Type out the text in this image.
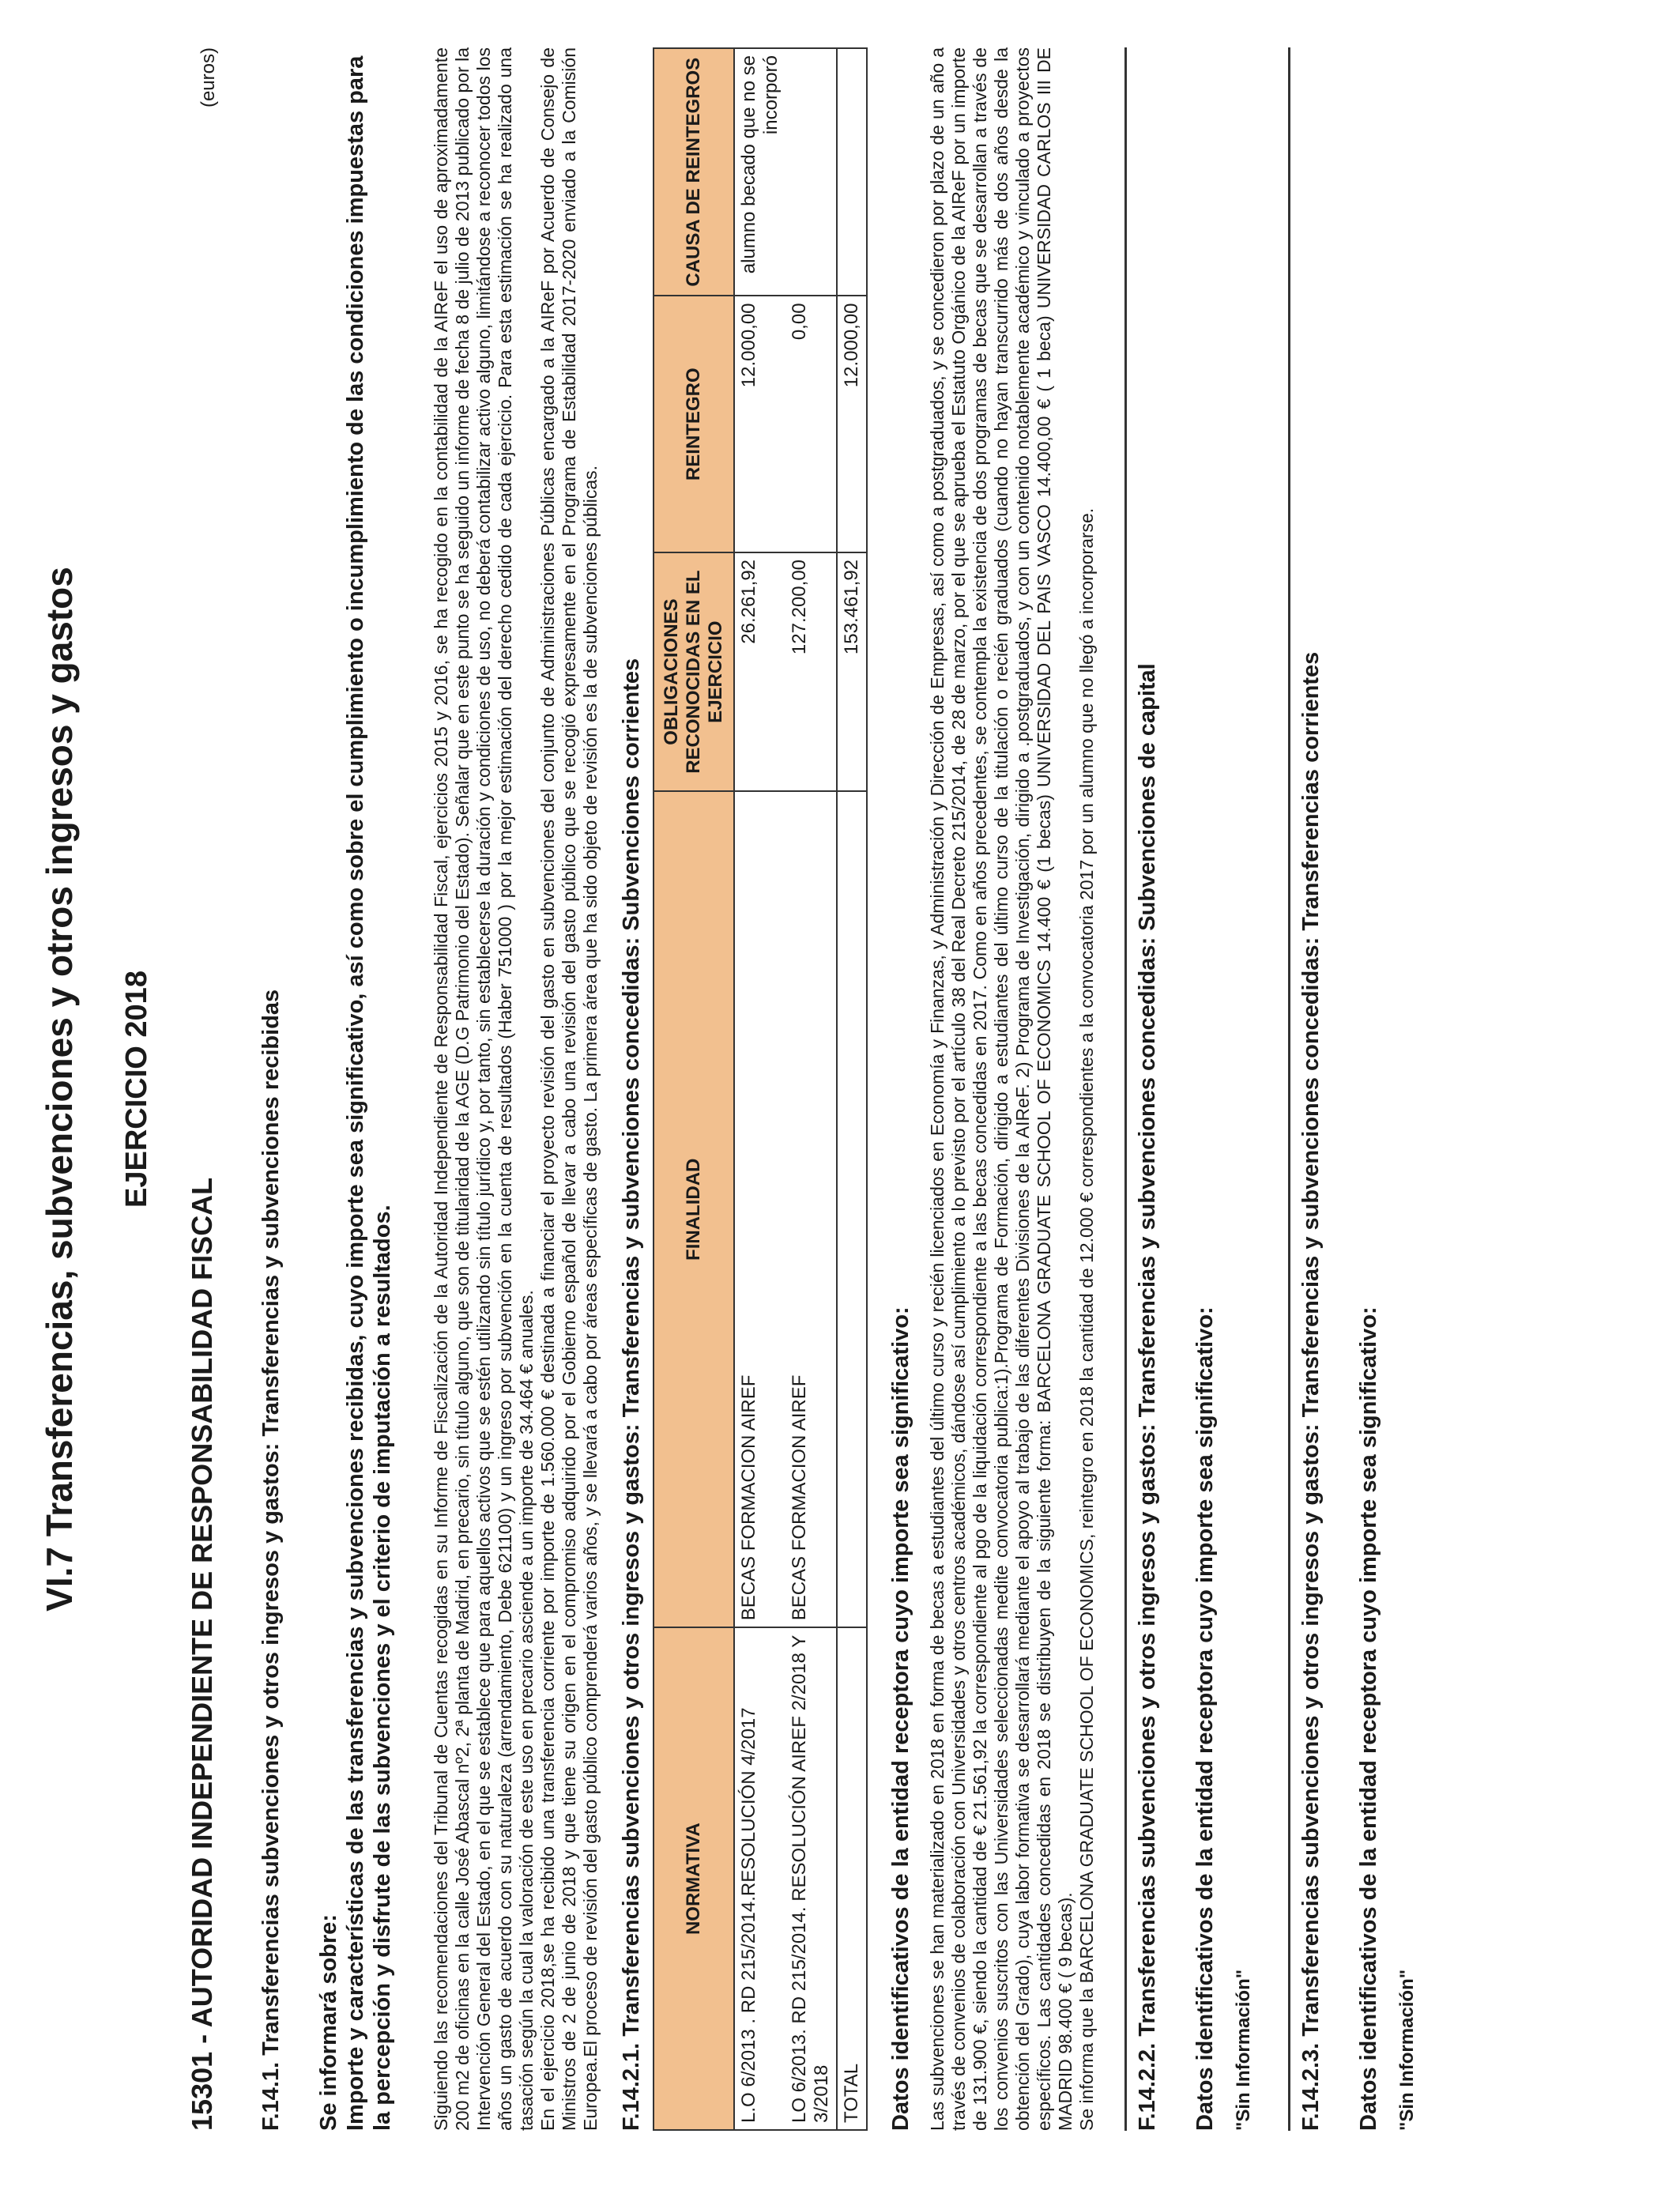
VI.7 Transferencias, subvenciones y otros ingresos y gastos
(euros)
EJERCICIO 2018
15301 - AUTORIDAD INDEPENDIENTE DE RESPONSABILIDAD FISCAL F.14.1. Transferencias subvenciones y otros ingresos y gastos: Transferencias y subvenciones recibidas Se informará sobre: Importe y características de las transferencias y subvenciones recibidas, cuyo importe sea significativo, así como sobre el cumplimiento o incumplimiento de las condiciones impuestas para la percepción y disfrute de las subvenciones y el criterio de imputación a resultados. Siguiendo las recomendaciones del Tribunal de Cuentas recogidas en su Informe de Fiscalización de la Autoridad Independiente de Responsabilidad Fiscal, ejercicios 2015 y 2016, se ha recogido en la contabilidad de la AIReF el uso de aproximadamente 200 m2 de oficinas en la calle José Abascal nº2, 2ª planta de Madrid, en precario, sin título alguno, que son de titularidad de la AGE (D.G Patrimonio del Estado). Señalar que en este punto se ha seguido un informe de fecha 8 de julio de 2013 publicado por la Intervención General del Estado, en el que se establece que para aquellos activos que se estén utilizando sin título jurídico y, por tanto, sin establecerse la duración y condiciones de uso, no deberá contabilizar activo alguno, limitándose a reconocer todos los años un gasto de acuerdo con su naturaleza (arrendamiento, Debe 621100) y un ingreso por subvención en la cuenta de resultados (Haber 751000 ) por la mejor estimación del derecho cedido de cada ejercicio. Para esta estimación se ha realizado una tasación según la cual la valoración de este uso en precario asciende a un importe de 34.464 € anuales. En el ejercicio 2018,se ha recibido una transferencia corriente por importe de 1.560.000 € destinada a financiar el proyecto revisión del gasto en subvenciones del conjunto de Administraciones Públicas encargado a la AIReF por Acuerdo de Consejo de Ministros de 2 de junio de 2018 y que tiene su origen en el compromiso adquirido por el Gobierno español de llevar a cabo una revisión del gasto público que se recogió expresamente en el Programa de Estabilidad 2017-2020 enviado a la Comisión Europea.El proceso de revisión del gasto público comprenderá varios años, y se llevará a cabo por áreas específicas de gasto. La primera área que ha sido objeto de revisión es la de subvenciones públicas. F.14.2.1. Transferencias subvenciones y otros ingresos y gastos: Transferencias y subvenciones concedidas: Subvenciones corrientes NORMATIVA	FINALIDAD	OBLIGACIONES RECONOCIDAS EN EL EJERCICIO	REINTEGRO	CAUSA DE REINTEGROS
L.O 6/2013 . RD 215/2014.RESOLUCIÓN 4/2017	BECAS FORMACION AIREF	26.261,92	12.000,00	alumno becado que no se incorporó
LO 6/2013. RD 215/2014. RESOLUCIÓN AIREF 2/2018 Y 3/2018	BECAS FORMACION AIREF	127.200,00	0,00	
TOTAL		153.461,92	12.000,00	

Datos identificativos de la entidad receptora cuyo importe sea significativo: Las subvenciones se han materializado en 2018 en forma de becas a estudiantes del último curso y recién licenciados en Economía y Finanzas, y Administración y Dirección de Empresas, así como a postgraduados, y se concedieron por plazo de un año a través de convenios de colaboración con Universidades y otros centros académicos, dándose así cumplimiento a lo previsto por el artículo 38 del Real Decreto 215/2014, de 28 de marzo, por el que se aprueba el Estatuto Orgánico de la AIReF por un importe de 131.900 €, siendo la cantidad de € 21.561,92 la correspondiente al pgo de la liquidación correspondiente a las becas concedidas en 2017. Como en años precedentes, se contempla la existencia de dos programas de becas que se desarrollan a través de los convenios suscritos con las Universidades seleccionadas medite convocatoria publica:1).Programa de Formación, dirigido a estudiantes del último curso de la titulación o recién graduados (cuando no hayan transcurrido más de dos años desde la obtención del Grado), cuya labor formativa se desarrollará mediante el apoyo al trabajo de las diferentes Divisiones de la AIReF. 2) Programa de Investigación, dirigido a .postgraduados, y con un contenido notablemente académico y vinculado a proyectos específicos. Las cantidades concedidas en 2018 se distribuyen de la siguiente forma: BARCELONA GRADUATE SCHOOL OF ECONOMICS 14.400 € (1 becas) UNIVERSIDAD DEL PAIS VASCO 14.400,00 € ( 1 beca) UNIVERSIDAD CARLOS III DE MADRID 98.400 € ( 9 becas). Se informa que la BARCELONA GRADUATE SCHOOL OF ECONOMICS, reintegro en 2018 la cantidad de 12.000 € correspondientes a la convocatoria 2017 por un alumno que no llegó a incorporarse. F.14.2.2. Transferencias subvenciones y otros ingresos y gastos: Transferencias y subvenciones concedidas: Subvenciones de capital Datos identificativos de la entidad receptora cuyo importe sea significativo: "Sin Información" F.14.2.3. Transferencias subvenciones y otros ingresos y gastos: Transferencias y subvenciones concedidas: Transferencias corrientes Datos identificativos de la entidad receptora cuyo importe sea significativo: "Sin Información"
